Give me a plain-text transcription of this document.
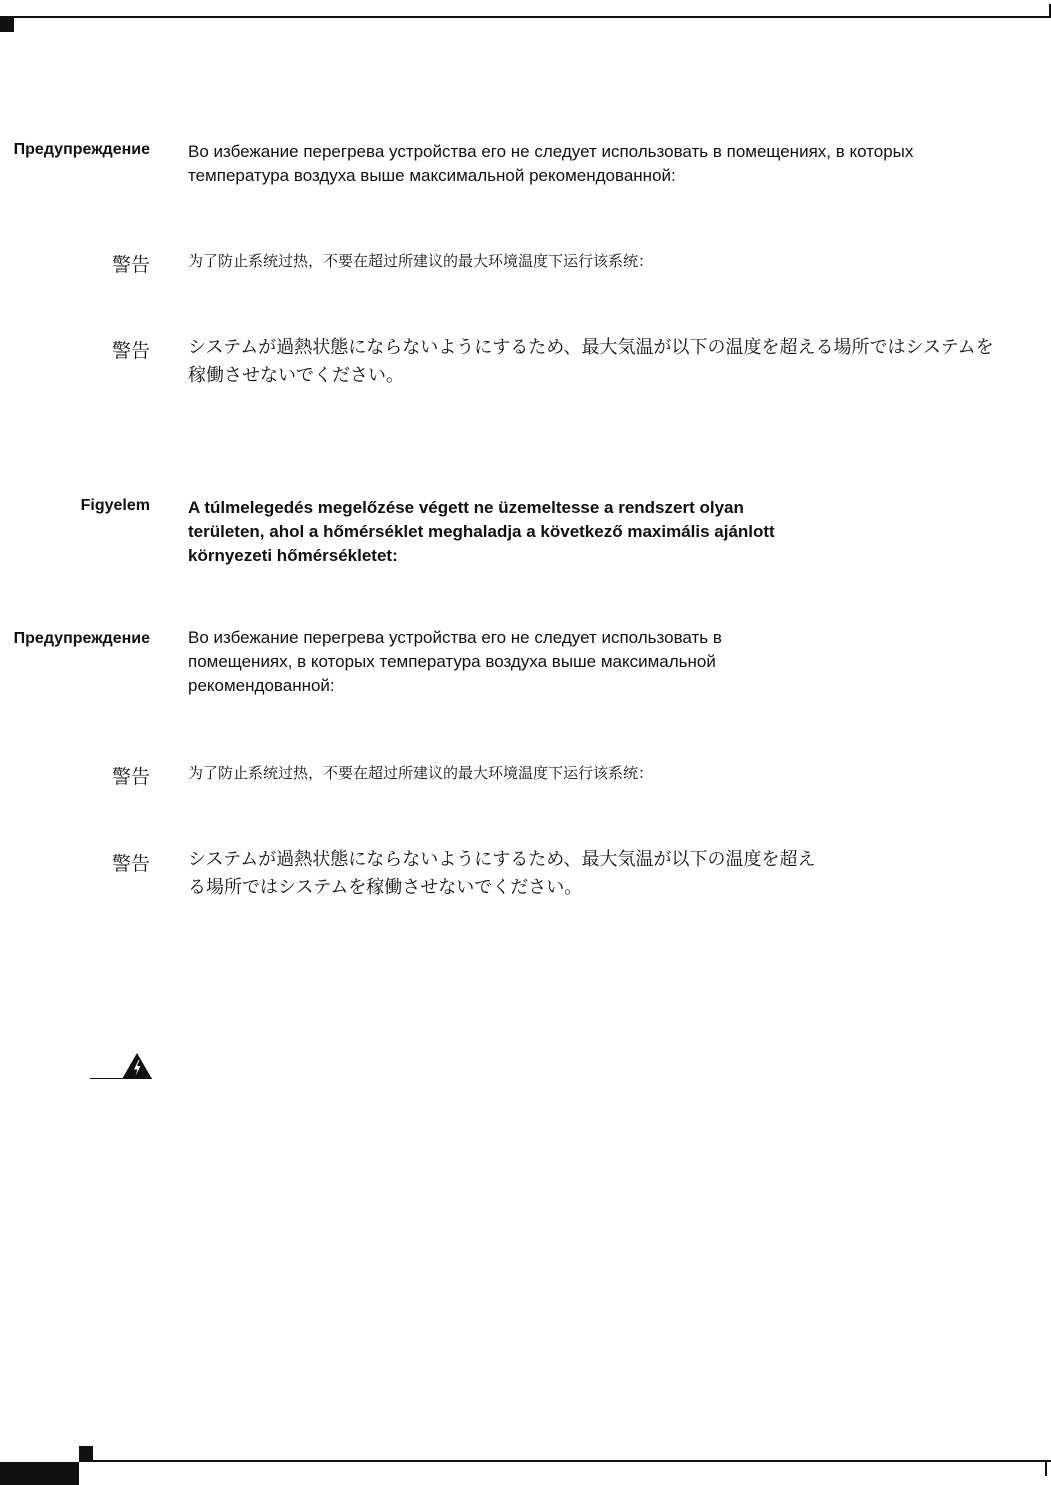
Предупреждение Во избежание перегрева устройства его не следует использовать в помещениях, в которых
температура воздуха выше максимальной рекомендованной:
警告	为了防止系统过热，不要在超过所建议的最大环境温度下运行该系统：
警告 システムが過熱状態にならないようにするため、最大気温が以下の温度を超える場所ではシステムを
稼働させないでください。
Figyelem A túlmelegedés megelőzése végett ne üzemeltesse a rendszert olyan
területen, ahol a hőmérséklet meghaladja a következő maximális ajánlott
környezeti hőmérsékletet:
Предупреждение Во избежание перегрева устройства его не следует использовать в
помещениях, в которых температура воздуха выше максимальной
рекомендованной:
警告	为了防止系统过热，不要在超过所建议的最大环境温度下运行该系统：
警告 システムが過熱状態にならないようにするため、最大気温が以下の温度を超え
る場所ではシステムを稼働させないでください。
